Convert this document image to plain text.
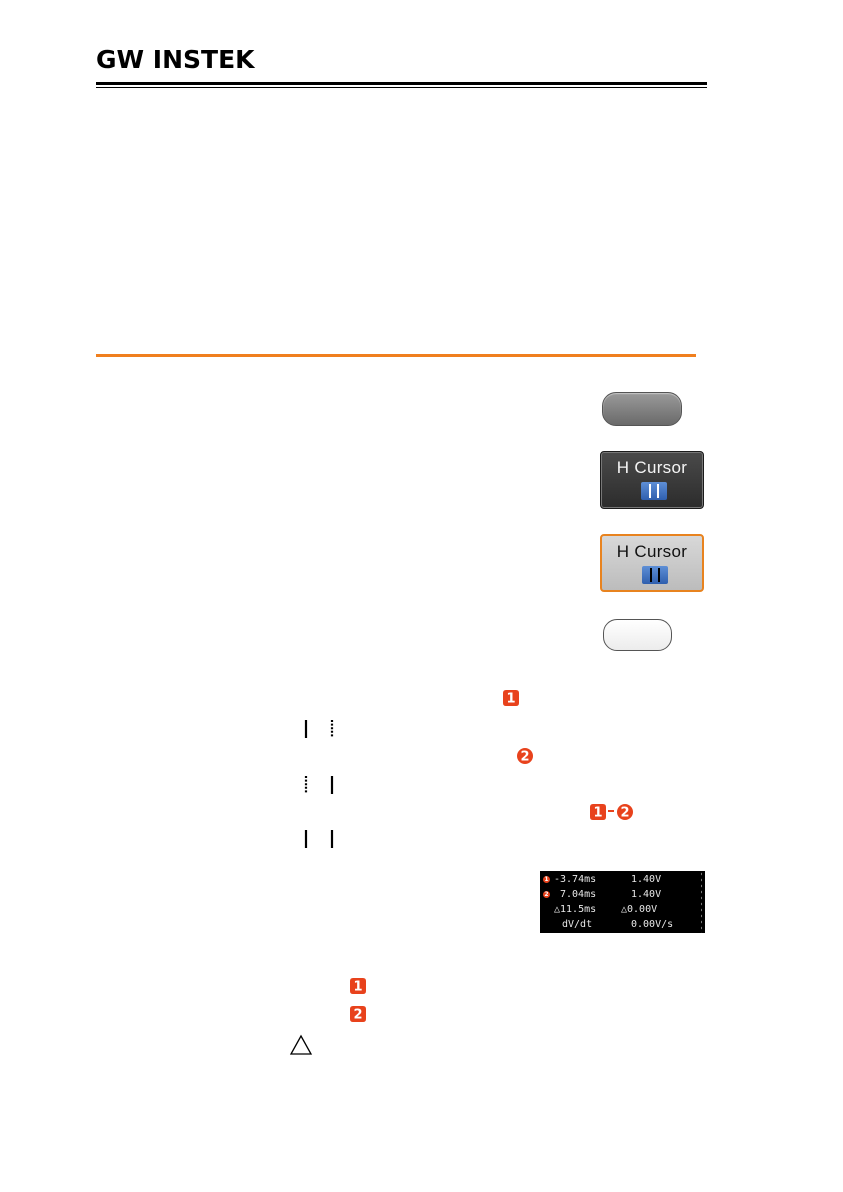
GW INSTEK
H Cursor
H Cursor
1
2
1 2
1 -3.74ms	1.40V
2 7.04ms	1.40V
△11.5ms △0.00V
dV/dt	0.00V/s
1
2
